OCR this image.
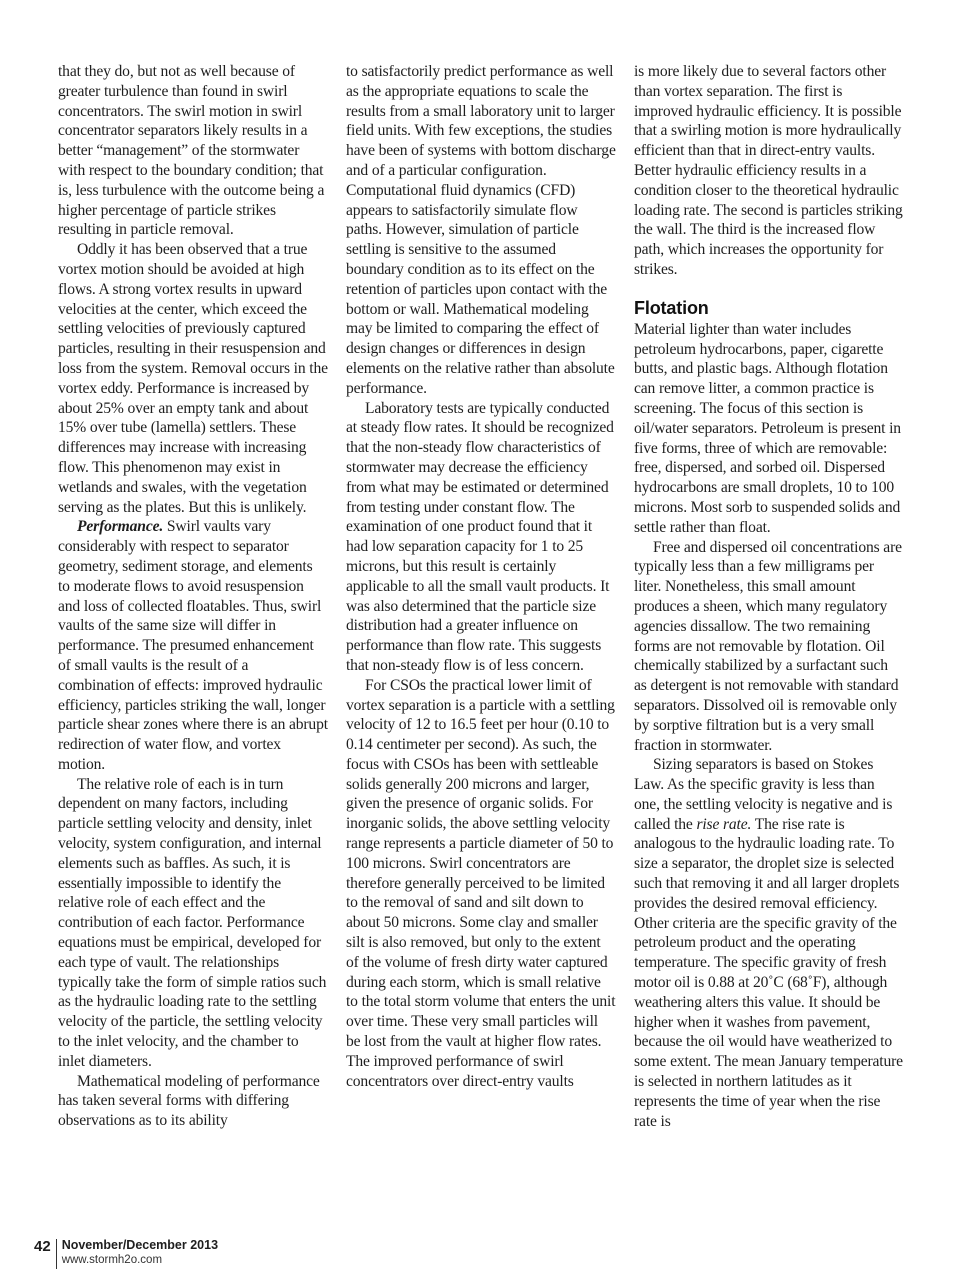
that they do, but not as well because of greater turbulence than found in swirl concentrators. The swirl motion in swirl concentrator separators likely results in a better “management” of the stormwater with respect to the boundary condition; that is, less turbulence with the outcome being a higher percentage of particle strikes resulting in particle removal.

Oddly it has been observed that a true vortex motion should be avoided at high flows. A strong vortex results in upward velocities at the center, which exceed the settling velocities of previously captured particles, resulting in their resuspension and loss from the system. Removal occurs in the vortex eddy. Performance is increased by about 25% over an empty tank and about 15% over tube (lamella) settlers. These differences may increase with increasing flow. This phenomenon may exist in wetlands and swales, with the vegetation serving as the plates. But this is unlikely.

Performance. Swirl vaults vary considerably with respect to separator geometry, sediment storage, and elements to moderate flows to avoid resuspension and loss of collected floatables. Thus, swirl vaults of the same size will differ in performance. The presumed enhancement of small vaults is the result of a combination of effects: improved hydraulic efficiency, particles striking the wall, longer particle shear zones where there is an abrupt redirection of water flow, and vortex motion.

The relative role of each is in turn dependent on many factors, including particle settling velocity and density, inlet velocity, system configuration, and internal elements such as baffles. As such, it is essentially impossible to identify the relative role of each effect and the contribution of each factor. Performance equations must be empirical, developed for each type of vault. The relationships typically take the form of simple ratios such as the hydraulic loading rate to the settling velocity of the particle, the settling velocity to the inlet velocity, and the chamber to inlet diameters.

Mathematical modeling of performance has taken several forms with differing observations as to its ability

to satisfactorily predict performance as well as the appropriate equations to scale the results from a small laboratory unit to larger field units. With few exceptions, the studies have been of systems with bottom discharge and of a particular configuration. Computational fluid dynamics (CFD) appears to satisfactorily simulate flow paths. However, simulation of particle settling is sensitive to the assumed boundary condition as to its effect on the retention of particles upon contact with the bottom or wall. Mathematical modeling may be limited to comparing the effect of design changes or differences in design elements on the relative rather than absolute performance.

Laboratory tests are typically conducted at steady flow rates. It should be recognized that the non-steady flow characteristics of stormwater may decrease the efficiency from what may be estimated or determined from testing under constant flow. The examination of one product found that it had low separation capacity for 1 to 25 microns, but this result is certainly applicable to all the small vault products. It was also determined that the particle size distribution had a greater influence on performance than flow rate. This suggests that non-steady flow is of less concern.

For CSOs the practical lower limit of vortex separation is a particle with a settling velocity of 12 to 16.5 feet per hour (0.10 to 0.14 centimeter per second). As such, the focus with CSOs has been with settleable solids generally 200 microns and larger, given the presence of organic solids. For inorganic solids, the above settling velocity range represents a particle diameter of 50 to 100 microns. Swirl concentrators are therefore generally perceived to be limited to the removal of sand and silt down to about 50 microns. Some clay and smaller silt is also removed, but only to the extent of the volume of fresh dirty water captured during each storm, which is small relative to the total storm volume that enters the unit over time. These very small particles will be lost from the vault at higher flow rates. The improved performance of swirl concentrators over direct-entry vaults

is more likely due to several factors other than vortex separation. The first is improved hydraulic efficiency. It is possible that a swirling motion is more hydraulically efficient than that in direct-entry vaults. Better hydraulic efficiency results in a condition closer to the theoretical hydraulic loading rate. The second is particles striking the wall. The third is the increased flow path, which increases the opportunity for strikes.

Flotation

Material lighter than water includes petroleum hydrocarbons, paper, cigarette butts, and plastic bags. Although flotation can remove litter, a common practice is screening. The focus of this section is oil/water separators. Petroleum is present in five forms, three of which are removable: free, dispersed, and sorbed oil. Dispersed hydrocarbons are small droplets, 10 to 100 microns. Most sorb to suspended solids and settle rather than float.

Free and dispersed oil concentrations are typically less than a few milligrams per liter. Nonetheless, this small amount produces a sheen, which many regulatory agencies dissallow. The two remaining forms are not removable by flotation. Oil chemically stabilized by a surfactant such as detergent is not removable with standard separators. Dissolved oil is removable only by sorptive filtration but is a very small fraction in stormwater.

Sizing separators is based on Stokes Law. As the specific gravity is less than one, the settling velocity is negative and is called the rise rate. The rise rate is analogous to the hydraulic loading rate. To size a separator, the droplet size is selected such that removing it and all larger droplets provides the desired removal efficiency. Other criteria are the specific gravity of the petroleum product and the operating temperature. The specific gravity of fresh motor oil is 0.88 at 20˚C (68˚F), although weathering alters this value. It should be higher when it washes from pavement, because the oil would have weatherized to some extent. The mean January temperature is selected in northern latitudes as it represents the time of year when the rise rate is

42 November/December 2013
www.stormh2o.com
